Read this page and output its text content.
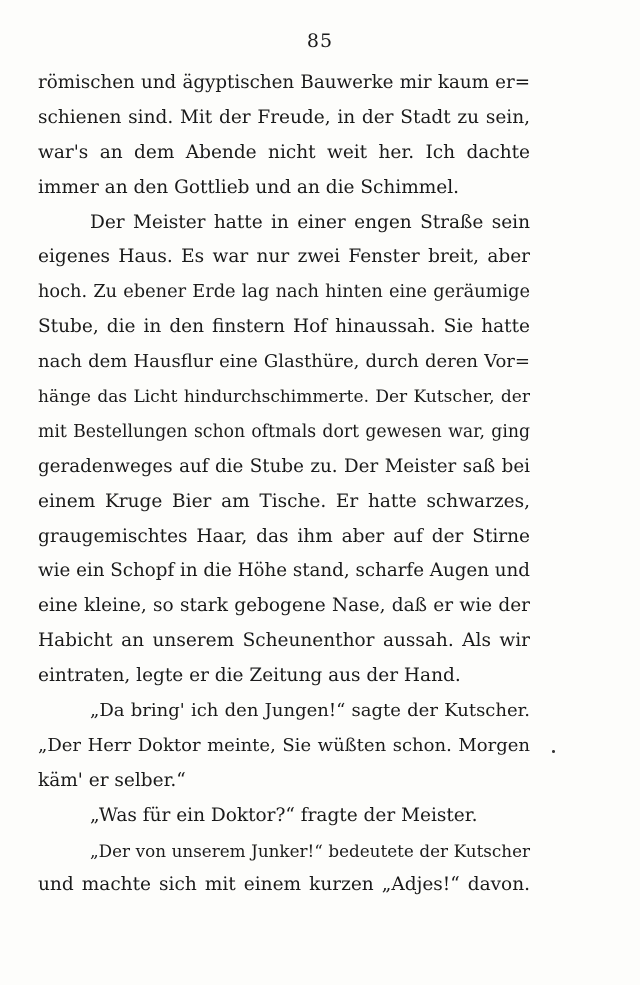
85
römischen und ägyptischen Bauwerke mir kaum er=
schienen sind. Mit der Freude, in der Stadt zu sein,
war's an dem Abende nicht weit her. Ich dachte
immer an den Gottlieb und an die Schimmel.
Der Meister hatte in einer engen Straße sein
eigenes Haus. Es war nur zwei Fenster breit, aber
hoch. Zu ebener Erde lag nach hinten eine geräumige
Stube, die in den finstern Hof hinaussah. Sie hatte
nach dem Hausflur eine Glasthüre, durch deren Vor=
hänge das Licht hindurchschimmerte. Der Kutscher, der
mit Bestellungen schon oftmals dort gewesen war, ging
geradenweges auf die Stube zu. Der Meister saß bei
einem Kruge Bier am Tische. Er hatte schwarzes,
graugemischtes Haar, das ihm aber auf der Stirne
wie ein Schopf in die Höhe stand, scharfe Augen und
eine kleine, so stark gebogene Nase, daß er wie der
Habicht an unserem Scheunenthor aussah. Als wir
eintraten, legte er die Zeitung aus der Hand.
„Da bring' ich den Jungen!“ sagte der Kutscher.
„Der Herr Doktor meinte, Sie wüßten schon. Morgen
käm' er selber.“
„Was für ein Doktor?“ fragte der Meister.
„Der von unserem Junker!“ bedeutete der Kutscher
und machte sich mit einem kurzen „Adjes!“ davon.
